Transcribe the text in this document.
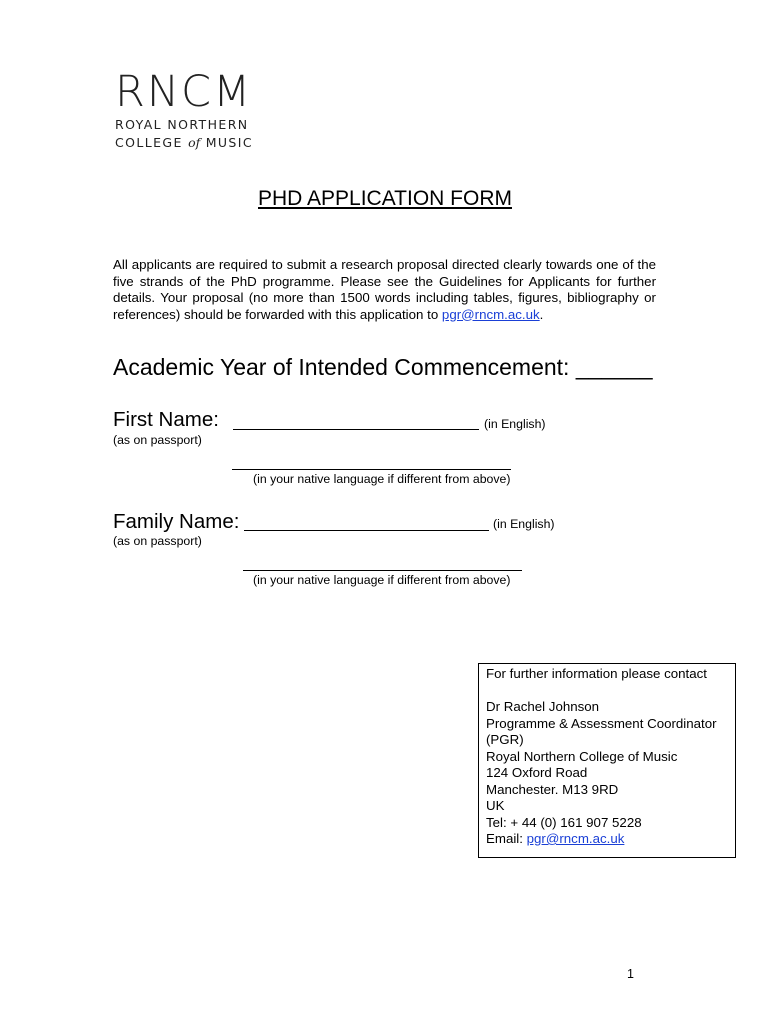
RNCM
ROYAL NORTHERN
COLLEGE of MUSIC
PHD APPLICATION FORM
All applicants are required to submit a research proposal directed clearly towards one of the five strands of the PhD programme. Please see the Guidelines for Applicants for further details. Your proposal (no more than 1500 words including tables, figures, bibliography or references) should be forwarded with this application to pgr@rncm.ac.uk.
Academic Year of Intended Commencement: ______
First Name:	(in English)
(as on passport)
(in your native language if different from above)
Family Name:	(in English)
(as on passport)
(in your native language if different from above)
For further information please contact
Dr Rachel Johnson
Programme & Assessment Coordinator
(PGR)
Royal Northern College of Music
124 Oxford Road
Manchester. M13 9RD
UK
Tel: + 44 (0) 161 907 5228
Email: pgr@rncm.ac.uk
1
